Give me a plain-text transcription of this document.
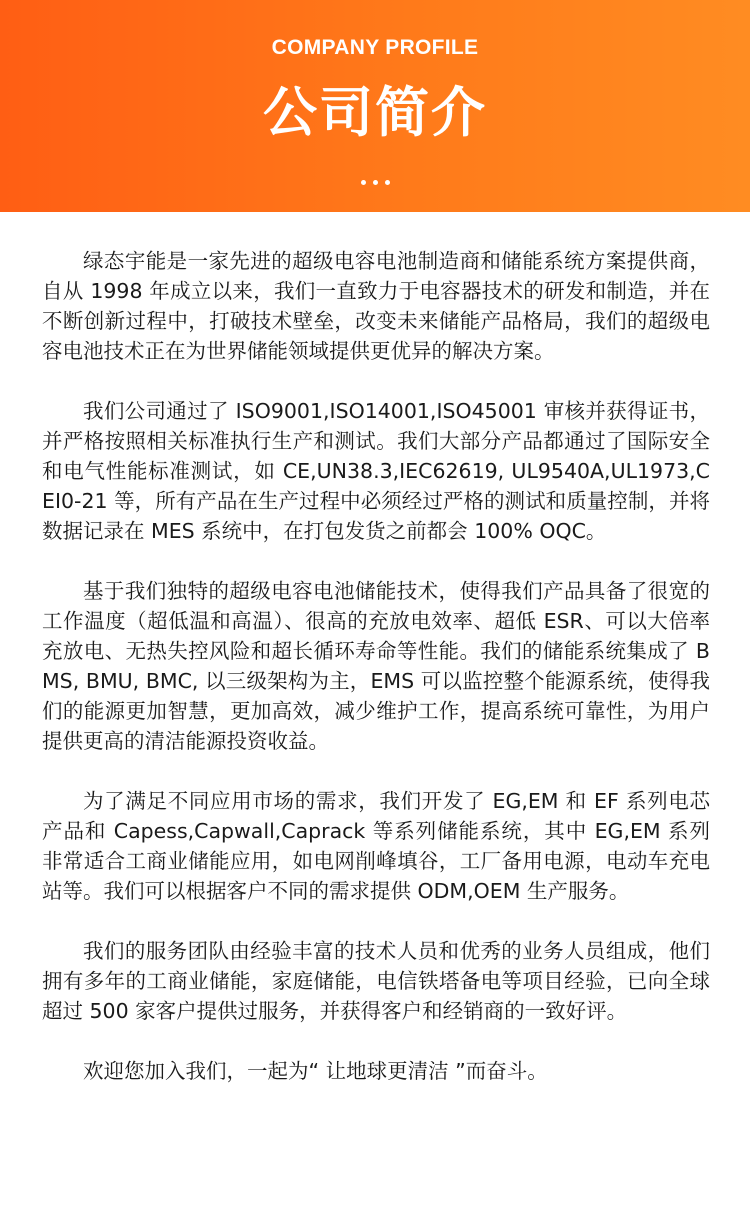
COMPANY PROFILE
公司简介

绿态宇能是一家先进的超级电容电池制造商和储能系统方案提供商，自从 1998 年成立以来，我们一直致力于电容器技术的研发和制造，并在不断创新过程中，打破技术壁垒，改变未来储能产品格局，我们的超级电容电池技术正在为世界储能领域提供更优异的解决方案。

我们公司通过了 ISO9001,ISO14001,ISO45001 审核并获得证书，并严格按照相关标准执行生产和测试。我们大部分产品都通过了国际安全和电气性能标准测试，如 CE,UN38.3,IEC62619, UL9540A,UL1973,CEI0-21 等，所有产品在生产过程中必须经过严格的测试和质量控制，并将数据记录在 MES 系统中，在打包发货之前都会 100% OQC。

基于我们独特的超级电容电池储能技术，使得我们产品具备了很宽的工作温度（超低温和高温）、很高的充放电效率、超低 ESR、可以大倍率充放电、无热失控风险和超长循环寿命等性能。我们的储能系统集成了 BMS, BMU, BMC, 以三级架构为主，EMS 可以监控整个能源系统，使得我们的能源更加智慧，更加高效，减少维护工作，提高系统可靠性，为用户提供更高的清洁能源投资收益。

为了满足不同应用市场的需求，我们开发了 EG,EM 和 EF 系列电芯产品和 Capess,Capwall,Caprack 等系列储能系统，其中 EG,EM 系列非常适合工商业储能应用，如电网削峰填谷，工厂备用电源，电动车充电站等。我们可以根据客户不同的需求提供 ODM,OEM 生产服务。

我们的服务团队由经验丰富的技术人员和优秀的业务人员组成，他们拥有多年的工商业储能，家庭储能，电信铁塔备电等项目经验，已向全球超过 500 家客户提供过服务，并获得客户和经销商的一致好评。

欢迎您加入我们，一起为“ 让地球更清洁 ”而奋斗。
